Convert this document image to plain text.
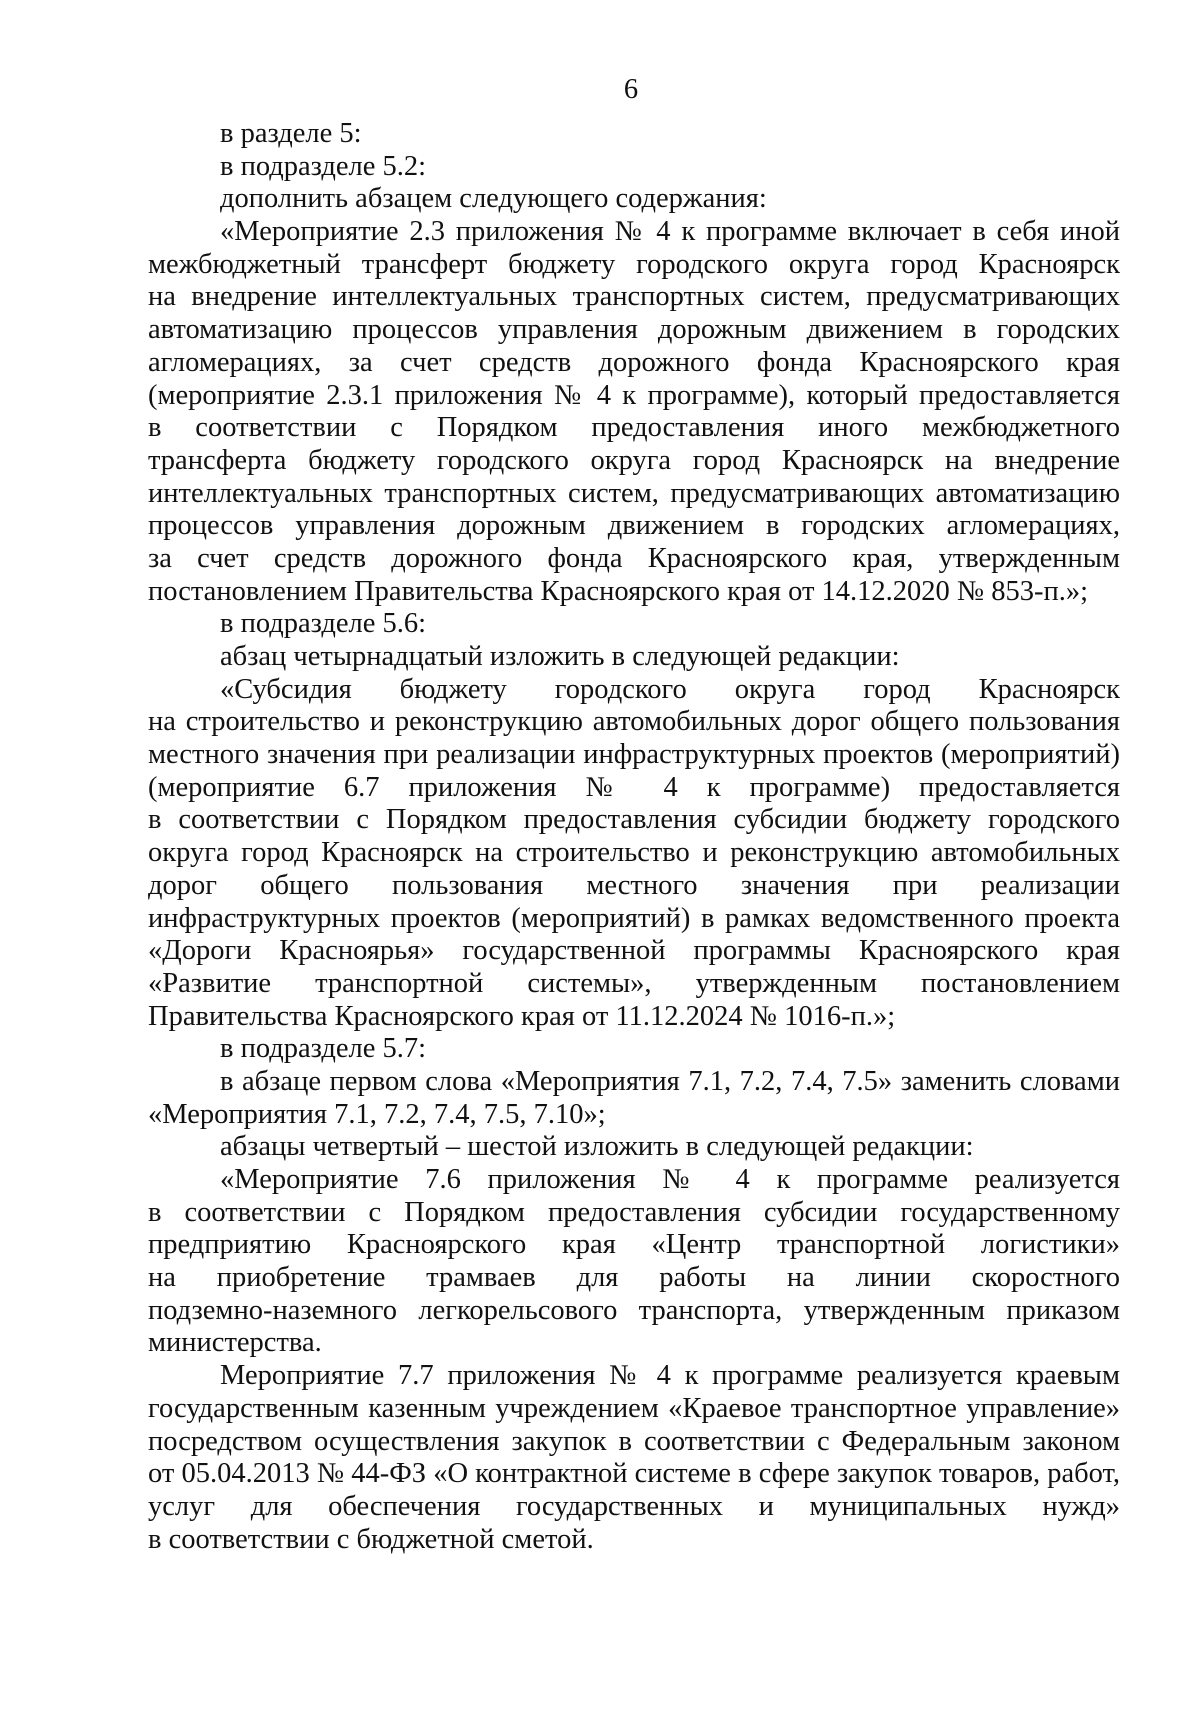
6
в разделе 5:
в подразделе 5.2:
дополнить абзацем следующего содержания:
«Мероприятие 2.3 приложения № 4 к программе включает в себя иной
межбюджетный трансферт бюджету городского округа город Красноярск
на внедрение интеллектуальных транспортных систем, предусматривающих
автоматизацию процессов управления дорожным движением в городских
агломерациях, за счет средств дорожного фонда Красноярского края
(мероприятие 2.3.1 приложения № 4 к программе), который предоставляется
в соответствии с Порядком предоставления иного межбюджетного
трансферта бюджету городского округа город Красноярск на внедрение
интеллектуальных транспортных систем, предусматривающих автоматизацию
процессов управления дорожным движением в городских агломерациях,
за счет средств дорожного фонда Красноярского края, утвержденным
постановлением Правительства Красноярского края от 14.12.2020 № 853-п.»;
в подразделе 5.6:
абзац четырнадцатый изложить в следующей редакции:
«Субсидия бюджету городского округа город Красноярск
на строительство и реконструкцию автомобильных дорог общего пользования
местного значения при реализации инфраструктурных проектов (мероприятий)
(мероприятие 6.7 приложения № 4 к программе) предоставляется
в соответствии с Порядком предоставления субсидии бюджету городского
округа город Красноярск на строительство и реконструкцию автомобильных
дорог общего пользования местного значения при реализации
инфраструктурных проектов (мероприятий) в рамках ведомственного проекта
«Дороги Красноярья» государственной программы Красноярского края
«Развитие транспортной системы», утвержденным постановлением
Правительства Красноярского края от 11.12.2024 № 1016-п.»;
в подразделе 5.7:
в абзаце первом слова «Мероприятия 7.1, 7.2, 7.4, 7.5» заменить словами
«Мероприятия 7.1, 7.2, 7.4, 7.5, 7.10»;
абзацы четвертый – шестой изложить в следующей редакции:
«Мероприятие 7.6 приложения № 4 к программе реализуется
в соответствии с Порядком предоставления субсидии государственному
предприятию Красноярского края «Центр транспортной логистики»
на приобретение трамваев для работы на линии скоростного
подземно-наземного легкорельсового транспорта, утвержденным приказом
министерства.
Мероприятие 7.7 приложения № 4 к программе реализуется краевым
государственным казенным учреждением «Краевое транспортное управление»
посредством осуществления закупок в соответствии с Федеральным законом
от 05.04.2013 № 44-ФЗ «О контрактной системе в сфере закупок товаров, работ,
услуг для обеспечения государственных и муниципальных нужд»
в соответствии с бюджетной сметой.
